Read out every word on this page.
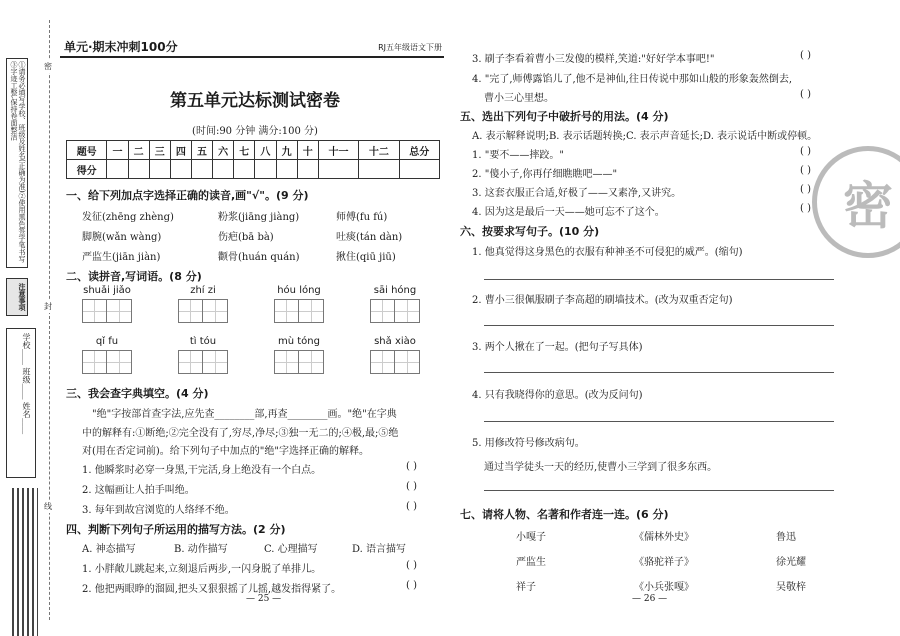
①请务必填写学校、班级及姓名(正确为准)②使用黑色签字笔书写③字迹工整,保持卷面整洁
注意事项
学校____ 班级____ 姓名____
密
封
线
单元·期末冲刺100分	RJ五年级语文下册
第五单元达标测试密卷
(时间:90 分钟 满分:100 分)
题号	一	二	三	四	五	六	七	八	九	十	十一	十二	总分
得分													
一、给下列加点字选择正确的读音,画"√"。(9 分)
发征(zhēng zhèng)	粉浆(jiāng jiàng)	师傅(fu fú)
脚腕(wǎn wàng)	伤疤(bā bà)	吐痰(tán dàn)
严监生(jiān jiàn)	颧骨(huán quán)	揪住(qiū jiū)
二、读拼音,写词语。(8 分)
shuǎi jiǎo	zhí zi	hóu lóng	sāi hóng
qǐ fu	tì tóu	mù tóng	shǎ xiào
三、我会查字典填空。(4 分)
"绝"字按部首查字法,应先查________部,再查________画。"绝"在字典
中的解释有:①断绝;②完全没有了,穷尽,净尽;③独一无二的;④极,最;⑤绝
对(用在否定词前)。给下列句子中加点的"绝"字选择正确的解释。
1. 他瞬浆时必穿一身黑,干完活,身上绝没有一个白点。	( )
2. 这幅画让人拍手叫绝。	( )
3. 每年到故宫浏览的人络绎不绝。	( )
四、判断下列句子所运用的描写方法。(2 分)
A. 神态描写	B. 动作描写	C. 心理描写	D. 语言描写
1. 小胖敞儿跳起来,立刻退后两步,一闪身脱了单排儿。	( )
2. 他把两眼睁的溜圆,把头又狠狠摇了儿摇,越发指得紧了。	( )
— 25 —
3. 刷子李看着曹小三发傻的模样,笑道:"好好学本事吧!"	( )
4. "完了,师傅露馅儿了,他不是神仙,往日传说中那如山般的形象轰然倒去,
曹小三心里想。	( )
五、选出下列句子中破折号的用法。(4 分)
A. 表示解释说明;B. 表示话题转换;C. 表示声音延长;D. 表示说话中断或停顿。
1. "要不——摔跤。"	( )
2. "傻小子,你再仔细瞧瞧吧——"	( )
3. 这套衣服正合适,好极了——又素净,又讲究。	( )
4. 因为这是最后一天——她可忘不了这个。	( )
六、按要求写句子。(10 分)
1. 他真觉得这身黑色的衣服有种神圣不可侵犯的威严。(缩句)
2. 曹小三很佩服刷子李高超的刷墙技术。(改为双重否定句)
3. 两个人揪在了一起。(把句子写具体)
4. 只有我晓得你的意思。(改为反问句)
5. 用修改符号修改病句。
通过当学徒头一天的经历,使曹小三学到了很多东西。
七、请将人物、名著和作者连一连。(6 分)
小嘎子	《儒林外史》	鲁迅
严监生	《骆驼祥子》	徐光耀
祥子	《小兵张嘎》	吴敬梓
— 26 —
密
